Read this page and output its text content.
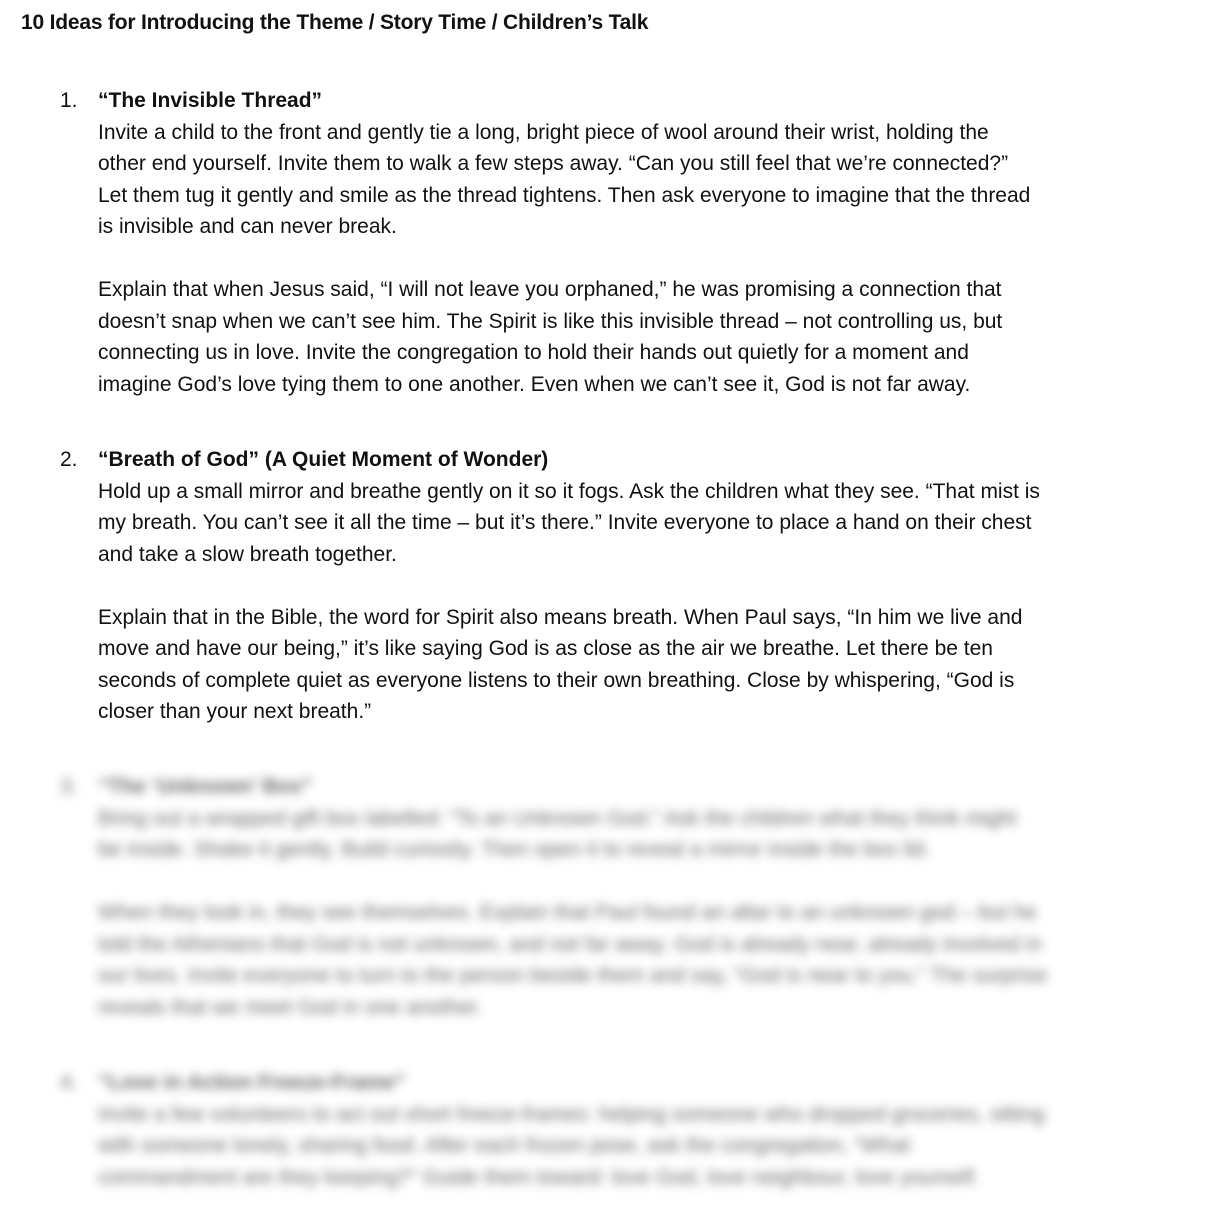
10 Ideas for Introducing the Theme / Story Time / Children’s Talk
1. “The Invisible Thread”

Invite a child to the front and gently tie a long, bright piece of wool around their wrist, holding the
other end yourself. Invite them to walk a few steps away. “Can you still feel that we’re connected?”
Let them tug it gently and smile as the thread tightens. Then ask everyone to imagine that the thread
is invisible and can never break.

Explain that when Jesus said, “I will not leave you orphaned,” he was promising a connection that
doesn’t snap when we can’t see him. The Spirit is like this invisible thread – not controlling us, but
connecting us in love. Invite the congregation to hold their hands out quietly for a moment and
imagine God’s love tying them to one another. Even when we can’t see it, God is not far away.

2. “Breath of God” (A Quiet Moment of Wonder)

Hold up a small mirror and breathe gently on it so it fogs. Ask the children what they see. “That mist is
my breath. You can’t see it all the time – but it’s there.” Invite everyone to place a hand on their chest
and take a slow breath together.

Explain that in the Bible, the word for Spirit also means breath. When Paul says, “In him we live and
move and have our being,” it’s like saying God is as close as the air we breathe. Let there be ten
seconds of complete quiet as everyone listens to their own breathing. Close by whispering, “God is
closer than your next breath.”

3. “The ‘Unknown’ Box”

Bring out a wrapped gift box labelled: “To an Unknown God.” Ask the children what they think might
be inside. Shake it gently. Build curiosity. Then open it to reveal a mirror inside the box lid.

When they look in, they see themselves. Explain that Paul found an altar to an unknown god – but he
told the Athenians that God is not unknown, and not far away. God is already near, already involved in
our lives. Invite everyone to turn to the person beside them and say, “God is near to you.” The surprise
reveals that we meet God in one another.

4. “Love in Action Freeze-Frame”

Invite a few volunteers to act out short freeze-frames: helping someone who dropped groceries, sitting
with someone lonely, sharing food. After each frozen pose, ask the congregation, “What
commandment are they keeping?” Guide them toward: love God, love neighbour, love yourself.
